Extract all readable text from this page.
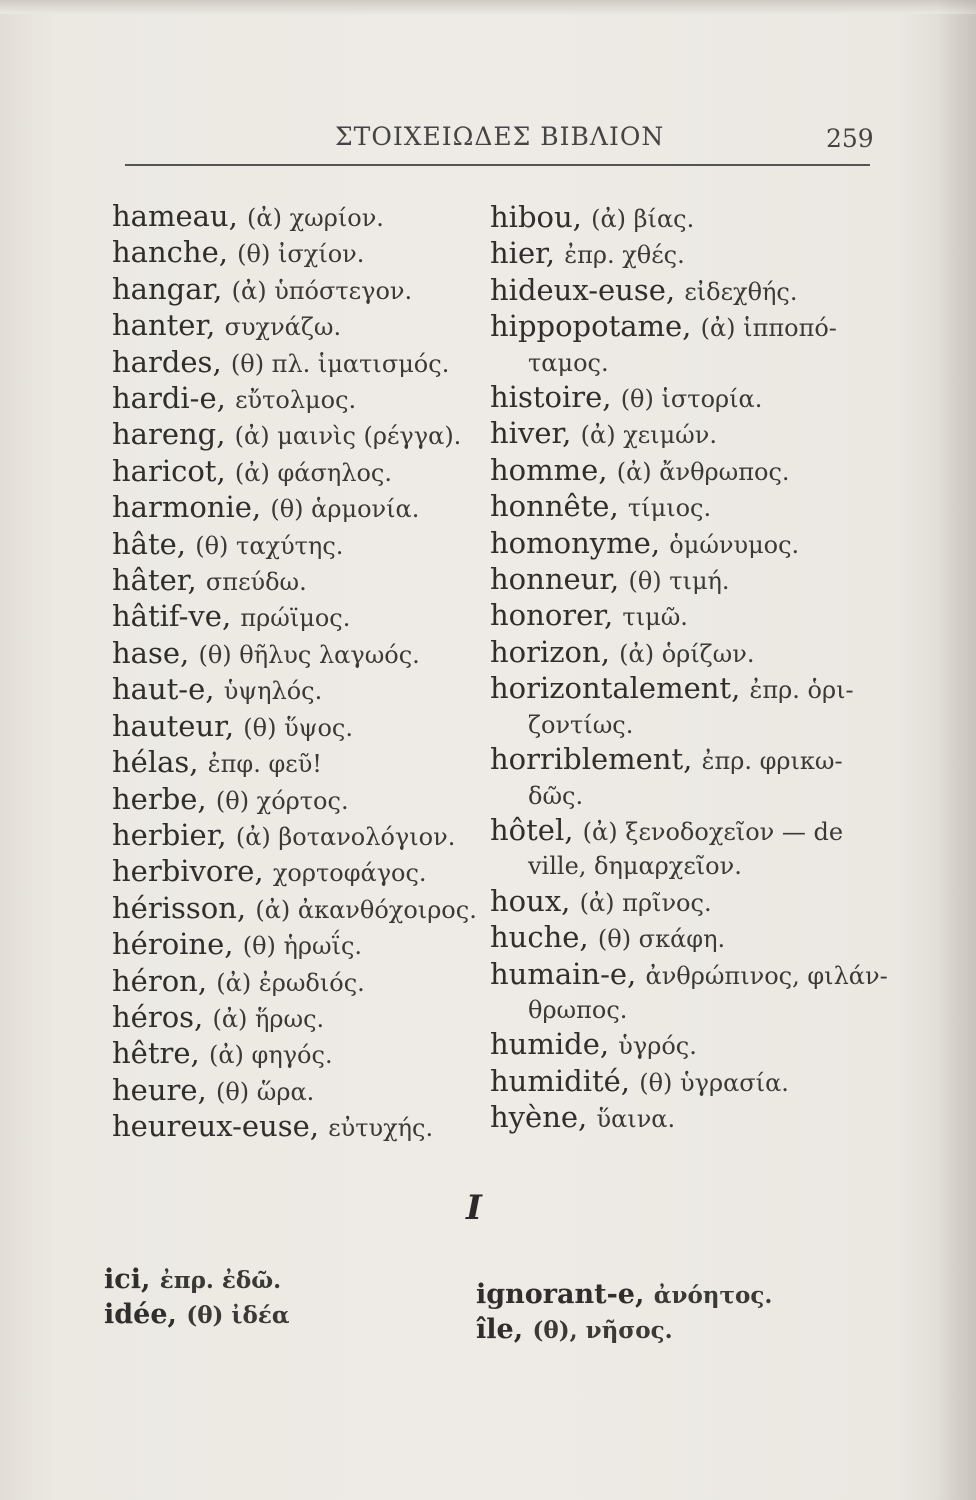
ΣΤΟΙΧΕΙΩΔΕΣ ΒΙΒΛΙΟΝ	259
hameau, (ἀ) χωρίον.
hanche, (θ) ἰσχίον.
hangar, (ἀ) ὑπόστεγον.
hanter, συχνάζω.
hardes, (θ) πλ. ἱματισμός.
hardi-e, εὔτολμος.
hareng, (ἀ) μαινὶς (ρέγγα).
haricot, (ἀ) φάσηλος.
harmonie, (θ) ἁρμονία.
hâte, (θ) ταχύτης.
hâter, σπεύδω.
hâtif-ve, πρώϊμος.
hase, (θ) θῆλυς λαγωός.
haut-e, ὑψηλός.
hauteur, (θ) ὕψος.
hélas, ἐπφ. φεῦ!
herbe, (θ) χόρτος.
herbier, (ἀ) βοτανολόγιον.
herbivore, χορτοφάγος.
hérisson, (ἀ) ἀκανθόχοιρος.
héroine, (θ) ἡρωΐς.
héron, (ἀ) ἐρωδιός.
héros, (ἀ) ἥρως.
hêtre, (ἀ) φηγός.
heure, (θ) ὥρα.
heureux-euse, εὐτυχής.
hibou, (ἀ) βίας.
hier, ἐπρ. χθές.
hideux-euse, εἰδεχθής.
hippopotame, (ἀ) ἱπποπό-
ταμος.
histoire, (θ) ἱστορία.
hiver, (ἀ) χειμών.
homme, (ἀ) ἄνθρωπος.
honnête, τίμιος.
homonyme, ὁμώνυμος.
honneur, (θ) τιμή.
honorer, τιμῶ.
horizon, (ἀ) ὁρίζων.
horizontalement, ἐπρ. ὁρι-
ζοντίως.
horriblement, ἐπρ. φρικω-
δῶς.
hôtel, (ἀ) ξενοδοχεῖον — de
ville, δημαρχεῖον.
houx, (ἀ) πρῖνος.
huche, (θ) σκάφη.
humain-e, ἀνθρώπινος, φιλάν-
θρωπος.
humide, ὑγρός.
humidité, (θ) ὑγρασία.
hyène, ὕαινα.
I
ici, ἐπρ. ἐδῶ.
idée, (θ) ἰδέα
ignorant-e, ἀνόητος.
île, (θ), νῆσος.
